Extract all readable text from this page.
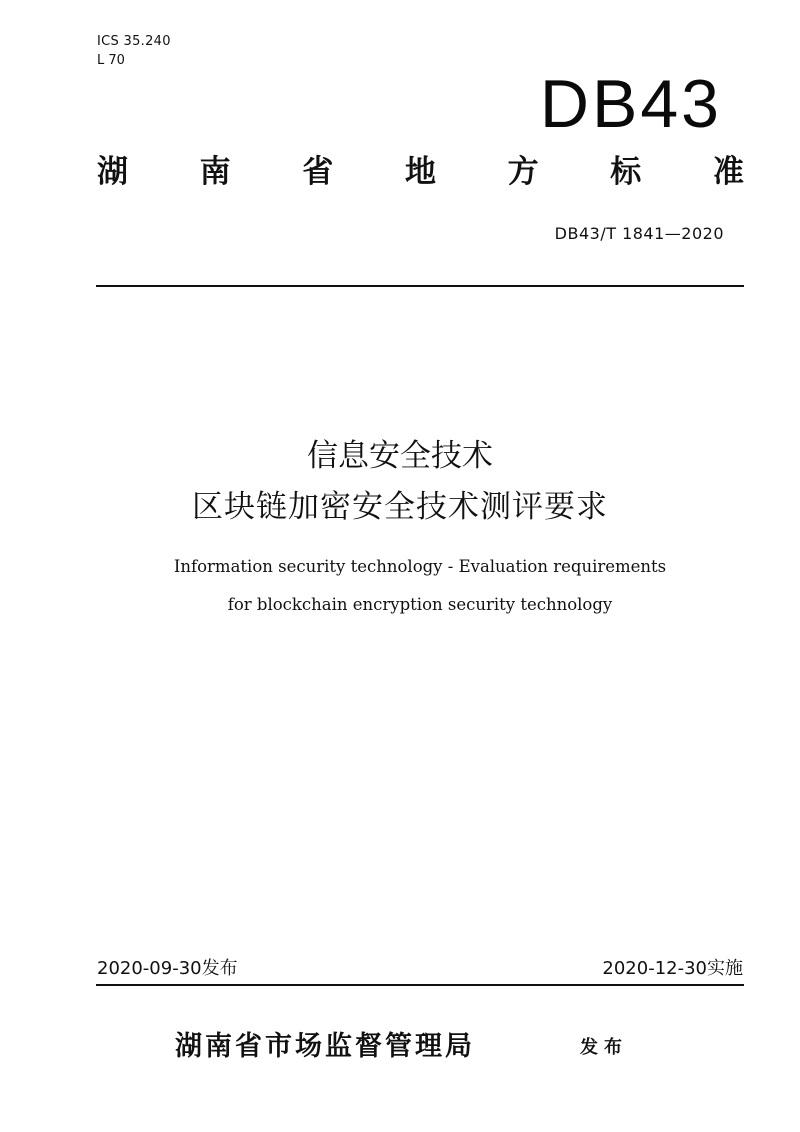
ICS 35.240
L 70
DB43
湖 南 省 地 方 标 准
DB43/T 1841—2020
信息安全技术
区块链加密安全技术测评要求
Information security technology - Evaluation requirements
for blockchain encryption security technology
2020-09-30发布	2020-12-30实施
湖南省市场监督管理局	发布
